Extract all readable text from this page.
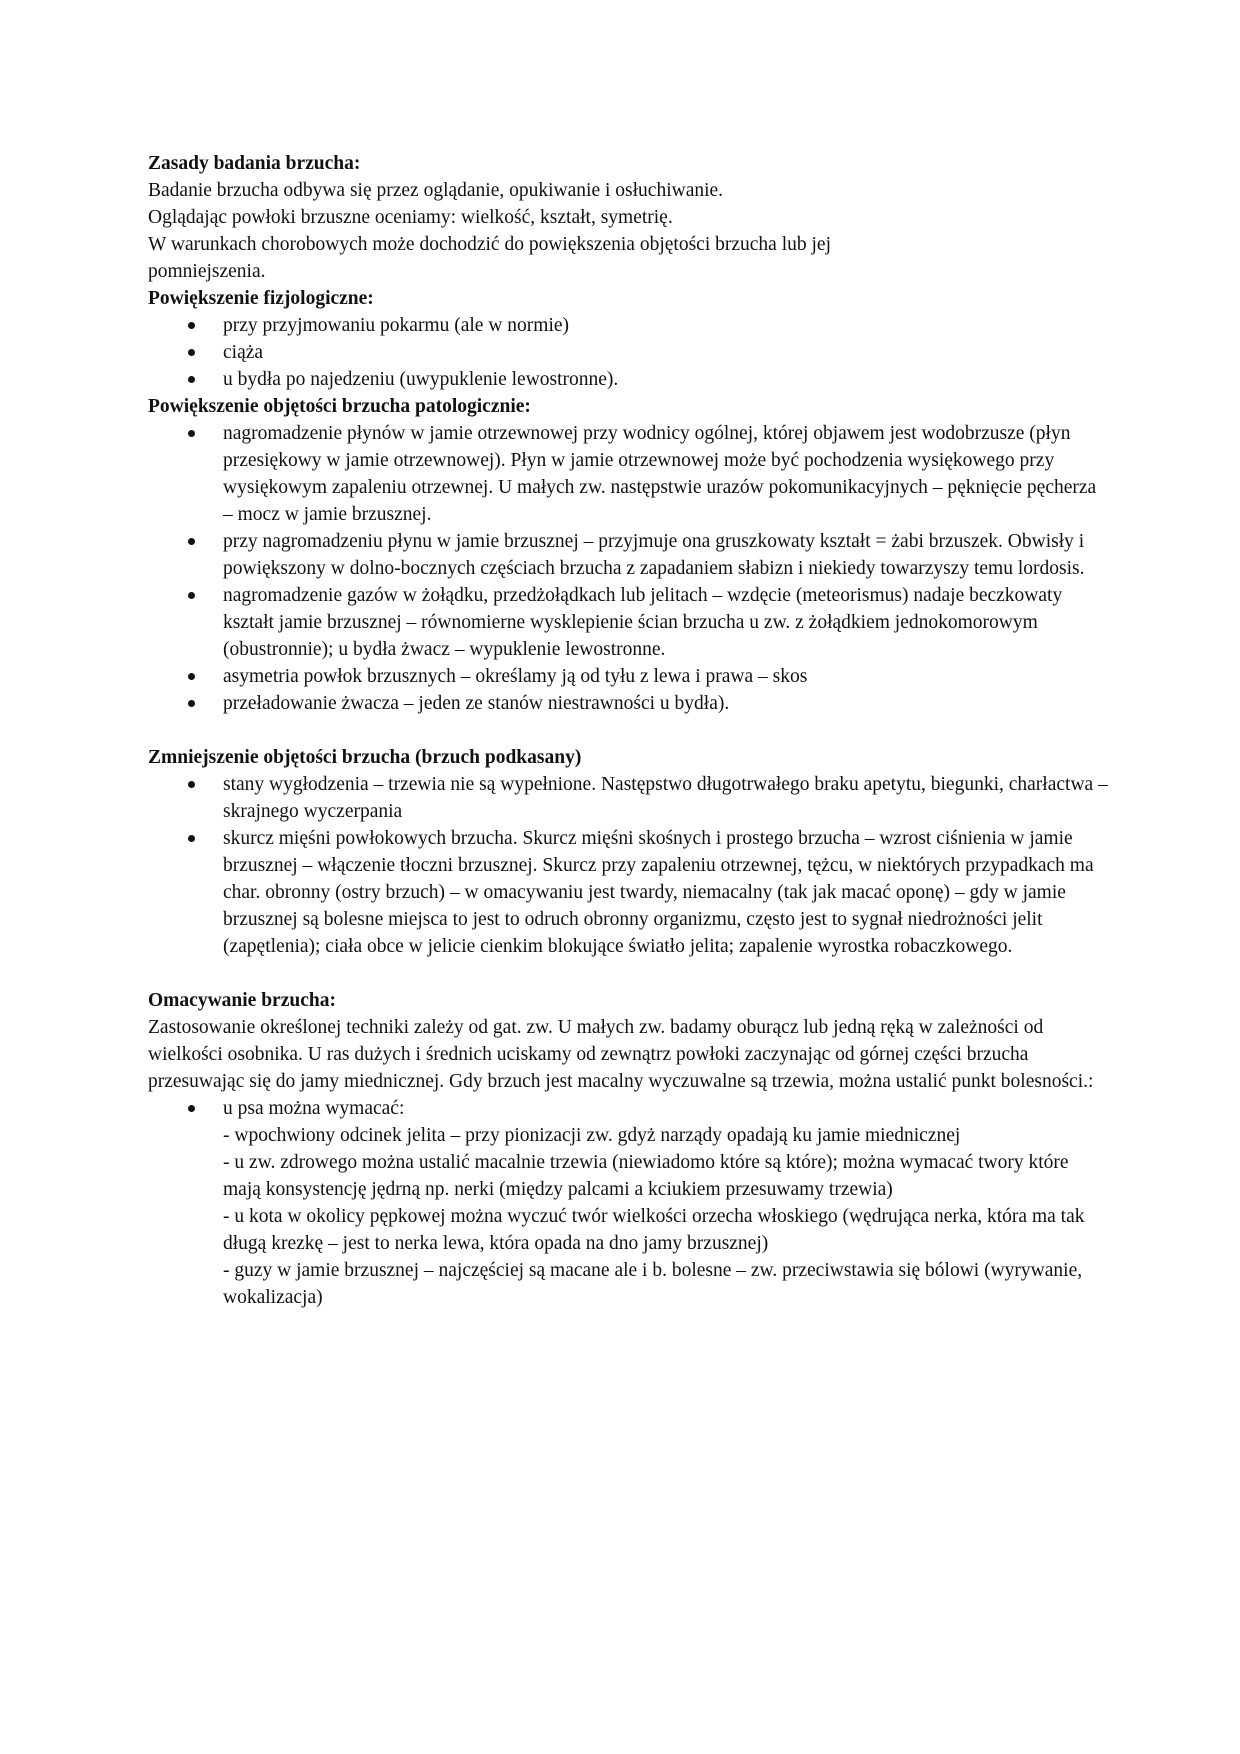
Zasady badania brzucha:

Badanie brzucha odbywa się przez oglądanie, opukiwanie i osłuchiwanie.

Oglądając powłoki brzuszne oceniamy: wielkość, kształt, symetrię.

W warunkach chorobowych może dochodzić do powiększenia objętości brzucha lub jej pomniejszenia.

Powiększenie fizjologiczne:

przy przyjmowaniu pokarmu (ale w normie)
ciąża
u bydła po najedzeniu (uwypuklenie lewostronne).

Powiększenie objętości brzucha patologicznie:

nagromadzenie płynów w jamie otrzewnowej przy wodnicy ogólnej, której objawem jest wodobrzusze (płyn przesiękowy w jamie otrzewnowej). Płyn w jamie otrzewnowej może być pochodzenia wysiękowego przy wysiękowym zapaleniu otrzewnej. U małych zw. następstwie urazów pokomunikacyjnych – pęknięcie pęcherza – mocz w jamie brzusznej.
przy nagromadzeniu płynu w jamie brzusznej – przyjmuje ona gruszkowaty kształt = żabi brzuszek. Obwisły i powiększony w dolno-bocznych częściach brzucha z zapadaniem słabizn i niekiedy towarzyszy temu lordosis.
nagromadzenie gazów w żołądku, przedżołądkach lub jelitach – wzdęcie (meteorismus) nadaje beczkowaty kształt jamie brzusznej – równomierne wysklepienie ścian brzucha u zw. z żołądkiem jednokomorowym (obustronnie); u bydła żwacz – wypuklenie lewostronne.
asymetria powłok brzusznych – określamy ją od tyłu z lewa i prawa – skos
przeładowanie żwacza – jeden ze stanów niestrawności u bydła).

Zmniejszenie objętości brzucha (brzuch podkasany)

stany wygłodzenia – trzewia nie są wypełnione. Następstwo długotrwałego braku apetytu, biegunki, charłactwa – skrajnego wyczerpania
skurcz mięśni powłokowych brzucha. Skurcz mięśni skośnych i prostego brzucha – wzrost ciśnienia w jamie brzusznej – włączenie tłoczni brzusznej. Skurcz przy zapaleniu otrzewnej, tężcu, w niektórych przypadkach ma char. obronny (ostry brzuch) – w omacywaniu jest twardy, niemacalny (tak jak macać oponę) – gdy w jamie brzusznej są bolesne miejsca to jest to odruch obronny organizmu, często jest to sygnał niedrożności jelit (zapętlenia); ciała obce w jelicie cienkim blokujące światło jelita; zapalenie wyrostka robaczkowego.

Omacywanie brzucha:

Zastosowanie określonej techniki zależy od gat. zw. U małych zw. badamy oburącz lub jedną ręką w zależności od wielkości osobnika. U ras dużych i średnich uciskamy od zewnątrz powłoki zaczynając od górnej części brzucha przesuwając się do jamy miednicznej. Gdy brzuch jest macalny wyczuwalne są trzewia, można ustalić punkt bolesności.:

u psa można wymacać:
- wpochwiony odcinek jelita – przy pionizacji zw. gdyż narządy opadają ku jamie miednicznej
- u zw. zdrowego można ustalić macalnie trzewia (niewiadomo które są które); można wymacać twory które mają konsystencję jędrną np. nerki (między palcami a kciukiem przesuwamy trzewia)
- u kota w okolicy pępkowej można wyczuć twór wielkości orzecha włoskiego (wędrująca nerka, która ma tak długą krezkę – jest to nerka lewa, która opada na dno jamy brzusznej)
- guzy w jamie brzusznej – najczęściej są macane ale i b. bolesne – zw. przeciwstawia się bólowi (wyrywanie, wokalizacja)
